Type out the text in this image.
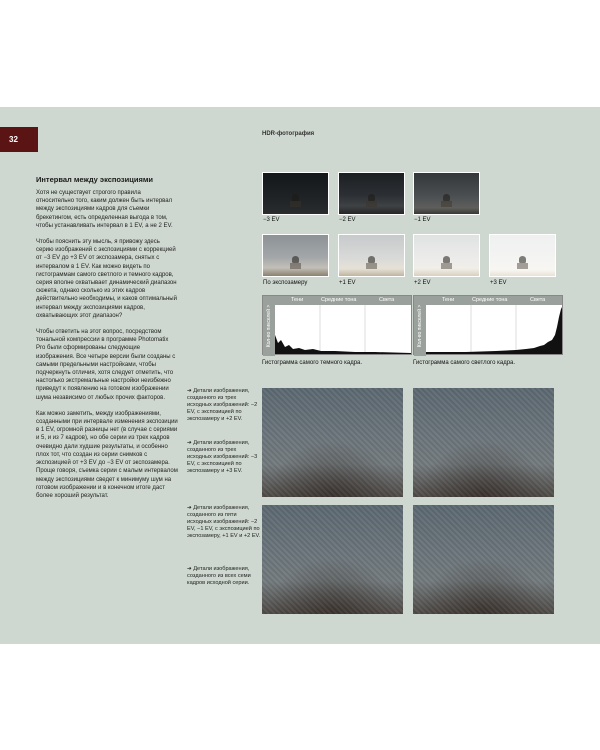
32
HDR-фотография
Интервал между экспозициями

Хотя не существует строгого правила относительно того, каким должен быть интервал между экспозициями кадров для съемки брекетингом, есть определенная выгода в том, чтобы устанавливать интервал в 1 EV, а не 2 EV.

Чтобы пояснить эту мысль, я привожу здесь серию изображений с экспозициями с коррекцией от −3 EV до +3 EV от экспозамера, снятых с интервалом в 1 EV. Как можно видеть по гистограммам самого светлого и темного кадров, серия вполне охватывает динамический диапазон сюжета, однако сколько из этих кадров действительно необходимы, и каков оптимальный интервал между экспозициями кадров, охватывающих этот диапазон?

Чтобы ответить на этот вопрос, посредством тональной компрессии в программе Photomatix Pro были сформированы следующие изображения. Все четыре версии были созданы с самыми предельными настройками, чтобы подчеркнуть отличия, хотя следует отметить, что настолько экстремальные настройки неизбежно приведут к появлению на готовом изображении шума независимо от любых прочих факторов.

Как можно заметить, между изображениями, созданными при интервале изменения экспозиции в 1 EV, огромной разницы нет (в случае с сериями и 5, и из 7 кадров), но обе серии из трех кадров очевидно дали худшие результаты, и особенно плох тот, что создан из серии снимков с экспозицией от +3 EV до −3 EV от экспозамера. Проще говоря, съемка серии с малым интервалом между экспозициями сведет к минимуму шум на готовом изображении и в конечном итоге даст более хороший результат.

−3 EV	−2 EV	−1 EV
По экспозамеру	+1 EV	+2 EV	+3 EV
Кол-во пикселей >
Тени	Средние тона	Света
Гистограмма самого темного кадра.
Кол-во пикселей >
Тени	Средние тона	Света
Гистограмма самого светлого кадра.
➔ Детали изображения, созданного из трех исходных изображений: −2 EV, с экспозицией по экспозамеру и +2 EV.
➔ Детали изображения, созданного из трех исходных изображений: −3 EV, с экспозицией по экспозамеру и +3 EV.
➔ Детали изображения, созданного из пяти исходных изображений: −2 EV, −1 EV, с экспозицией по экспозамеру, +1 EV и +2 EV.
➔ Детали изображения, созданного из всех семи кадров исходной серии.
